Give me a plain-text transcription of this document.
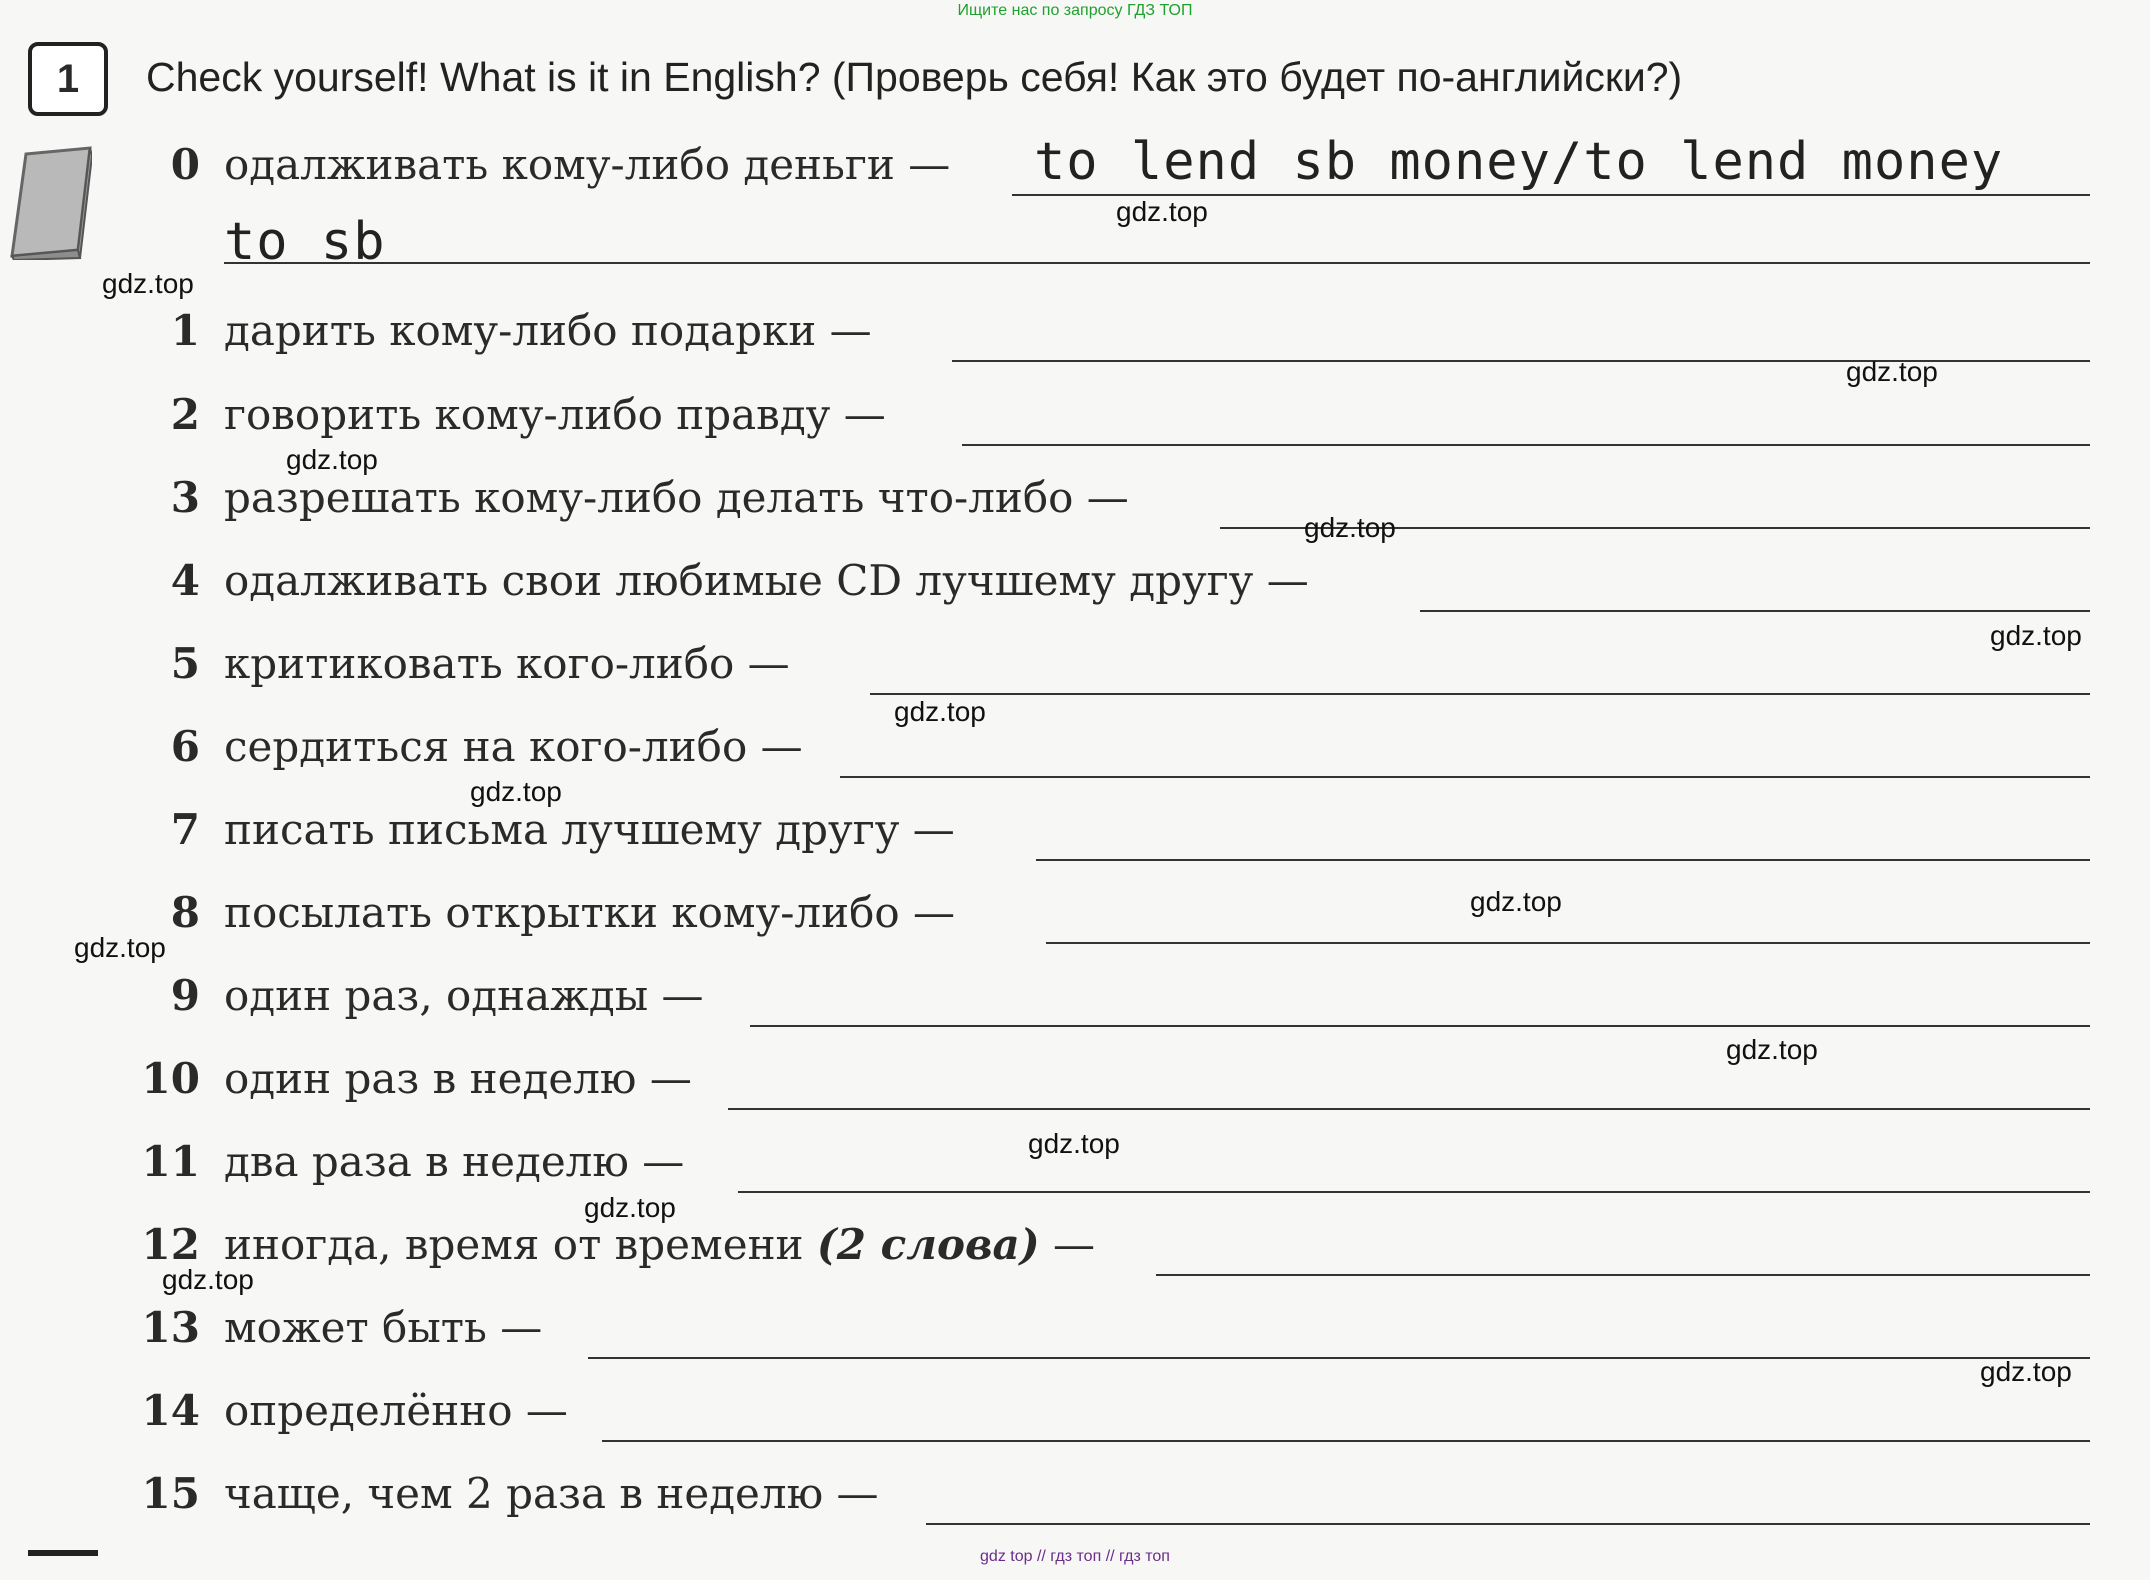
Ищите нас по запросу ГДЗ ТОП
1	Check yourself! What is it in English? (Проверь себя! Как это будет по-английски?)
0 одалживать кому-либо деньги — to lend sb money/to lend money
to sb
1 дарить кому-либо подарки —
2 говорить кому-либо правду —
3 разрешать кому-либо делать что-либо —
4 одалживать свои любимые CD лучшему другу —
5 критиковать кого-либо —
6 сердиться на кого-либо —
7 писать письма лучшему другу —
8 посылать открытки кому-либо —
9 один раз, однажды —
10 один раз в неделю —
11 два раза в неделю —
12 иногда, время от времени (2 слова) —
13 может быть —
14 определённо —
15 чаще, чем 2 раза в неделю —
gdz.top
gdz.top
gdz.top
gdz.top
gdz.top
gdz.top
gdz.top
gdz.top
gdz.top
gdz.top
gdz.top
gdz.top
gdz.top
gdz.top
gdz.top
gdz top // гдз топ // гдз топ
